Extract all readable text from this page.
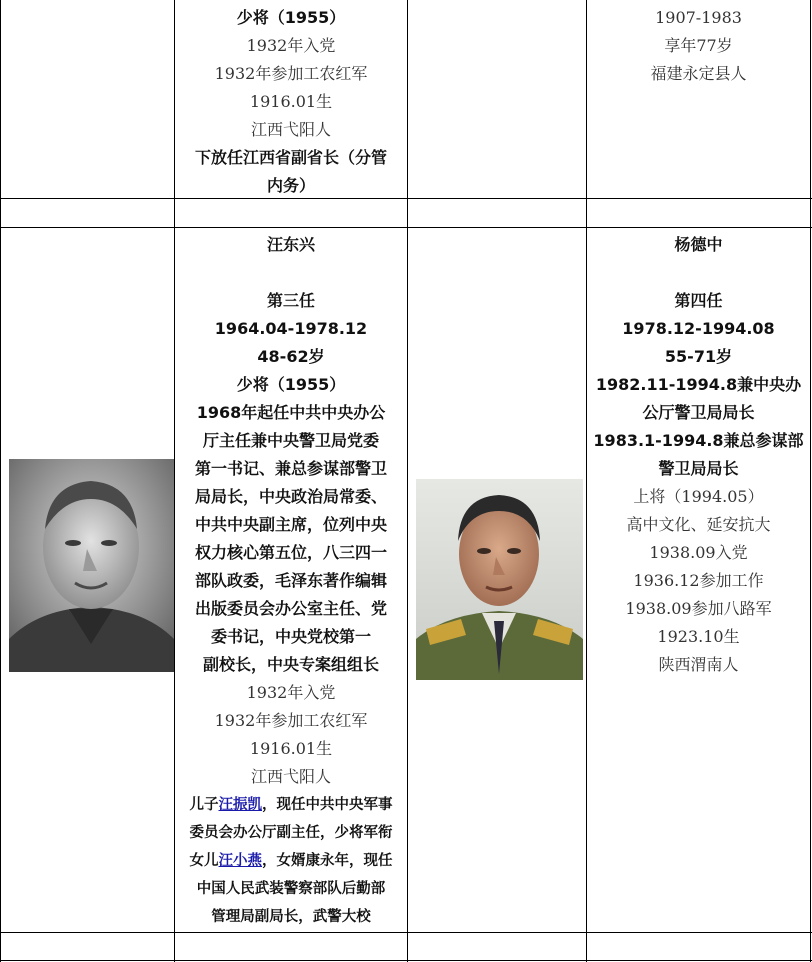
少将（1955）
1932年入党
1932年参加工农红军
1916.01生
江西弋阳人
下放任江西省副省长（分管
内务）
1907-1983
享年77岁
福建永定县人
汪东兴
第三任
1964.04-1978.12
48-62岁
少将（1955）
1968年起任中共中央办公
厅主任兼中央警卫局党委
第一书记、兼总参谋部警卫
局局长，中央政治局常委、
中共中央副主席，位列中央
权力核心第五位，八三四一
部队政委，毛泽东著作编辑
出版委员会办公室主任、党
委书记，中央党校第一
副校长，中央专案组组长
1932年入党
1932年参加工农红军
1916.01生
江西弋阳人
儿子汪振凯，现任中共中央军事
委员会办公厅副主任，少将军衔
女儿汪小燕，女婿康永年，现任
中国人民武装警察部队后勤部
管理局副局长，武警大校
杨德中
第四任
1978.12-1994.08
55-71岁
1982.11-1994.8兼中央办
公厅警卫局局长
1983.1-1994.8兼总参谋部
警卫局局长
上将（1994.05）
高中文化、延安抗大
1938.09入党
1936.12参加工作
1938.09参加八路军
1923.10生
陕西渭南人
